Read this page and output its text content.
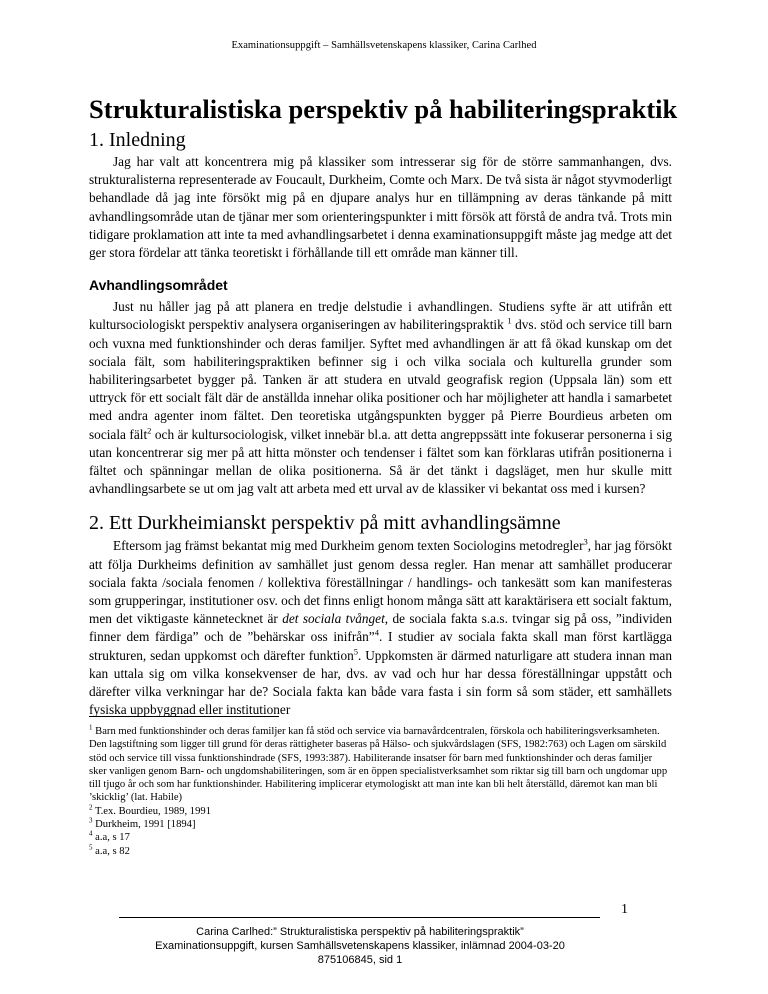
Examinationsuppgift – Samhällsvetenskapens klassiker, Carina Carlhed
Strukturalistiska perspektiv på habiliteringspraktik
1. Inledning

Jag har valt att koncentrera mig på klassiker som intresserar sig för de större sammanhangen, dvs. strukturalisterna representerade av Foucault, Durkheim, Comte och Marx. De två sista är något styvmoderligt behandlade då jag inte försökt mig på en djupare analys hur en tillämpning av deras tänkande på mitt avhandlingsområde utan de tjänar mer som orienteringspunkter i mitt försök att förstå de andra två. Trots min tidigare proklamation att inte ta med avhandlingsarbetet i denna examinationsuppgift måste jag medge att det ger stora fördelar att tänka teoretiskt i förhållande till ett område man känner till.

Avhandlingsområdet

Just nu håller jag på att planera en tredje delstudie i avhandlingen. Studiens syfte är att utifrån ett kultursociologiskt perspektiv analysera organiseringen av habiliteringspraktik $^1$ dvs. stöd och service till barn och vuxna med funktionshinder och deras familjer. Syftet med avhandlingen är att få ökad kunskap om det sociala fält, som habiliteringspraktiken befinner sig i och vilka sociala och kulturella grunder som habiliteringsarbetet bygger på. Tanken är att studera en utvald geografisk region (Uppsala län) som ett uttryck för ett socialt fält där de anställda innehar olika positioner och har möjligheter att handla i samarbetet med andra agenter inom fältet. Den teoretiska utgångspunkten bygger på Pierre Bourdieus arbeten om sociala fält$^2$ och är kultursociologisk, vilket innebär bl.a. att detta angreppssätt inte fokuserar personerna i sig utan koncentrerar sig mer på att hitta mönster och tendenser i fältet som kan förklaras utifrån positionerna i fältet och spänningar mellan de olika positionerna. Så är det tänkt i dagsläget, men hur skulle mitt avhandlingsarbete se ut om jag valt att arbeta med ett urval av de klassiker vi bekantat oss med i kursen?

2. Ett Durkheimianskt perspektiv på mitt avhandlingsämne

Eftersom jag främst bekantat mig med Durkheim genom texten Sociologins metodregler$^3$, har jag försökt att följa Durkheims definition av samhället just genom dessa regler. Han menar att samhället producerar sociala fakta /sociala fenomen / kollektiva föreställningar / handlings- och tankesätt som kan manifesteras som grupperingar, institutioner osv. och det finns enligt honom många sätt att karaktärisera ett socialt faktum, men det viktigaste kännetecknet är det sociala tvånget, de sociala fakta s.a.s. tvingar sig på oss, ”individen finner dem färdiga” och de ”behärskar oss inifrån”$^4$. I studier av sociala fakta skall man först kartlägga strukturen, sedan uppkomst och därefter funktion$^5$. Uppkomsten är därmed naturligare att studera innan man kan uttala sig om vilka konsekvenser de har, dvs. av vad och hur har dessa föreställningar uppstått och därefter vilka verkningar har de? Sociala fakta kan både vara fasta i sin form så som städer, ett samhällets fysiska uppbyggnad eller institutioner

$^1$ Barn med funktionshinder och deras familjer kan få stöd och service via barnavårdcentralen, förskola och habiliteringsverksamheten. Den lagstiftning som ligger till grund för deras rättigheter baseras på Hälso- och sjukvårdslagen (SFS, 1982:763) och Lagen om särskild stöd och service till vissa funktionshindrade (SFS, 1993:387). Habiliterande insatser för barn med funktionshinder och deras familjer sker vanligen genom Barn- och ungdomshabiliteringen, som är en öppen specialistverksamhet som riktar sig till barn och ungdomar upp till tjugo år och som har funktionshinder. Habilitering implicerar etymologiskt att man inte kan bli helt återställd, däremot kan man bli ’skicklig’ (lat. Habile)

$^2$ T.ex. Bourdieu, 1989, 1991

$^3$ Durkheim, 1991 [1894]

$^4$ a.a, s 17

$^5$ a.a, s 82

1
Carina Carlhed:” Strukturalistiska perspektiv på habiliteringspraktik”
Examinationsuppgift, kursen Samhällsvetenskapens klassiker, inlämnad 2004-03-20
875106845, sid 1
